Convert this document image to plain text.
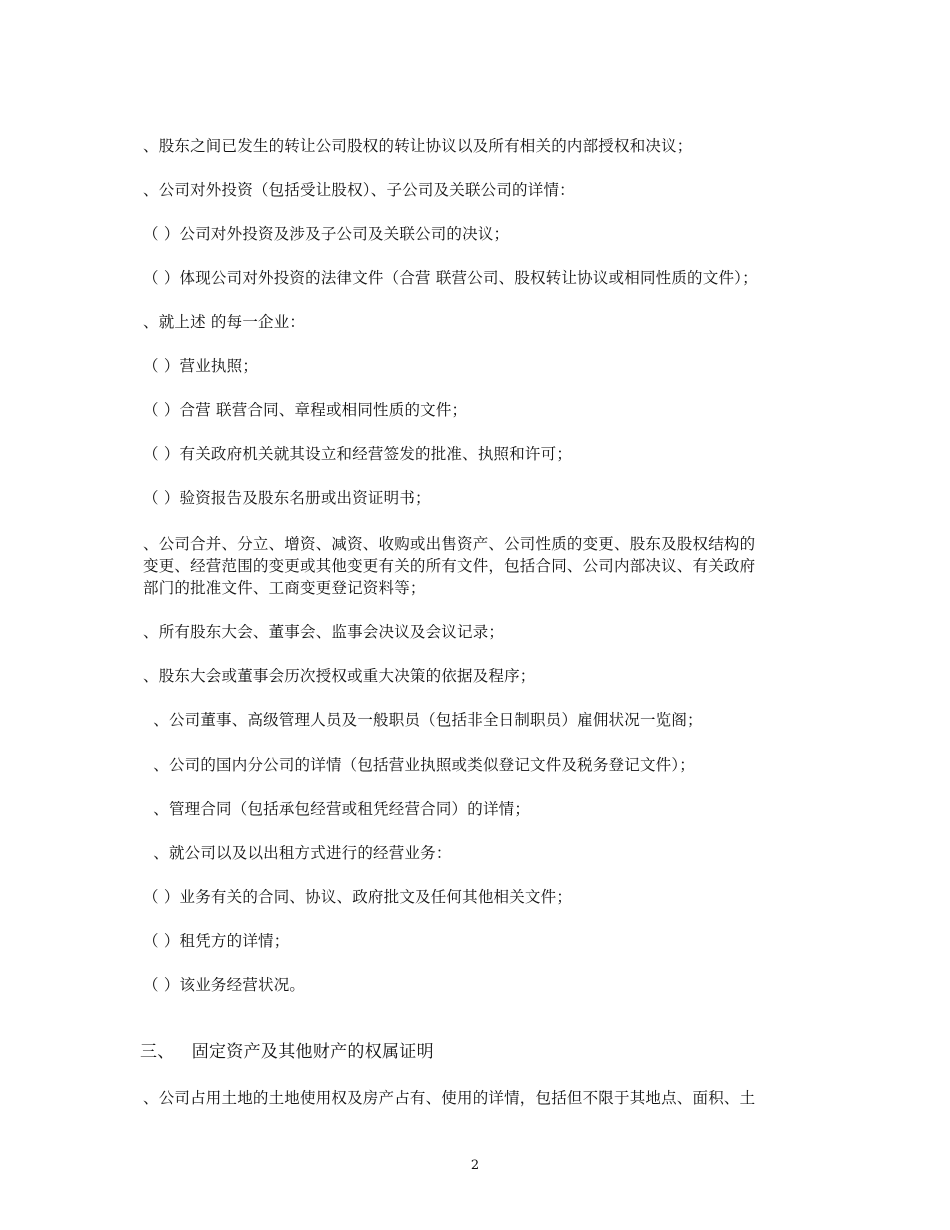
、股东之间已发生的转让公司股权的转让协议以及所有相关的内部授权和决议；
、公司对外投资（包括受让股权）、子公司及关联公司的详情：
（ ）公司对外投资及涉及子公司及关联公司的决议；
（ ）体现公司对外投资的法律文件（合营 联营公司、股权转让协议或相同性质的文件）；
、就上述 的每一企业：
（ ）营业执照；
（ ）合营 联营合同、章程或相同性质的文件；
（ ）有关政府机关就其设立和经营签发的批准、执照和许可；
（ ）验资报告及股东名册或出资证明书；
、公司合并、分立、增资、减资、收购或出售资产、公司性质的变更、股东及股权结构的
变更、经营范围的变更或其他变更有关的所有文件，包括合同、公司内部决议、有关政府
部门的批准文件、工商变更登记资料等；
、所有股东大会、董事会、监事会决议及会议记录；
、股东大会或董事会历次授权或重大决策的依据及程序；
、公司董事、高级管理人员及一般职员（包括非全日制职员）雇佣状况一览阁；
、公司的国内分公司的详情（包括营业执照或类似登记文件及税务登记文件）；
、管理合同（包括承包经营或租凭经营合同）的详情；
、就公司以及以出租方式进行的经营业务：
（ ）业务有关的合同、协议、政府批文及任何其他相关文件；
（ ）租凭方的详情；
（ ）该业务经营状况。
三、   固定资产及其他财产的权属证明
、公司占用土地的土地使用权及房产占有、使用的详情，包括但不限于其地点、面积、土
2
